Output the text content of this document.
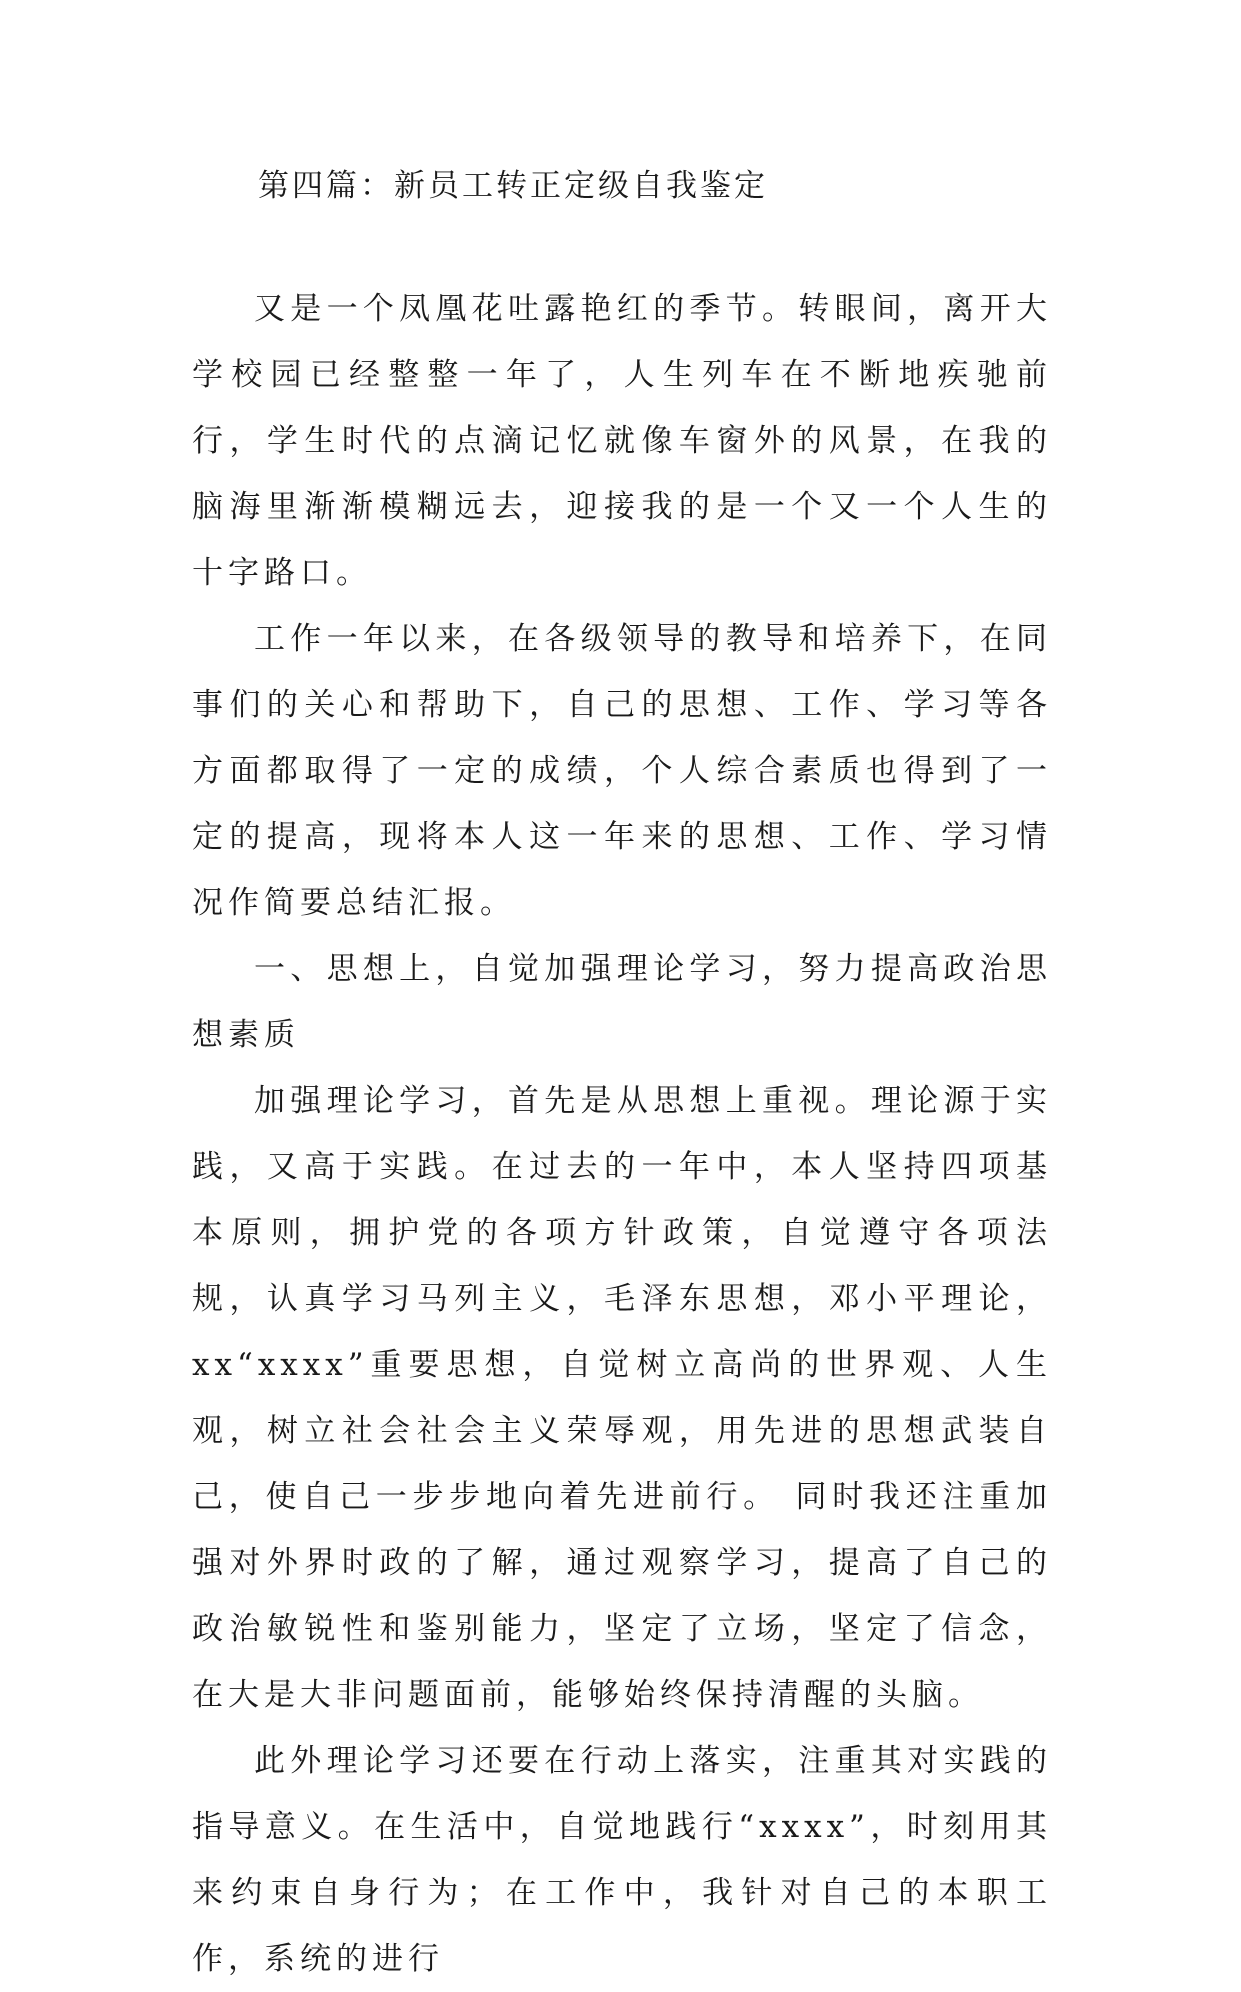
第四篇：新员工转正定级自我鉴定

又是一个凤凰花吐露艳红的季节。转眼间，离开大学校园已经整整一年了，人生列车在不断地疾驰前行，学生时代的点滴记忆就像车窗外的风景，在我的脑海里渐渐模糊远去，迎接我的是一个又一个人生的十字路口。

工作一年以来，在各级领导的教导和培养下，在同事们的关心和帮助下，自己的思想、工作、学习等各方面都取得了一定的成绩，个人综合素质也得到了一定的提高，现将本人这一年来的思想、工作、学习情况作简要总结汇报。

一、思想上，自觉加强理论学习，努力提高政治思想素质

加强理论学习，首先是从思想上重视。理论源于实践，又高于实践。在过去的一年中，本人坚持四项基本原则，拥护党的各项方针政策，自觉遵守各项法规，认真学习马列主义，毛泽东思想，邓小平理论，xx“xxxx”重要思想，自觉树立高尚的世界观、人生观，树立社会社会主义荣辱观，用先进的思想武装自己，使自己一步步地向着先进前行。 同时我还注重加强对外界时政的了解，通过观察学习，提高了自己的政治敏锐性和鉴别能力，坚定了立场，坚定了信念，在大是大非问题面前，能够始终保持清醒的头脑。

此外理论学习还要在行动上落实，注重其对实践的指导意义。在生活中，自觉地践行“xxxx”，时刻用其来约束自身行为；在工作中，我针对自己的本职工作，系统的进行
